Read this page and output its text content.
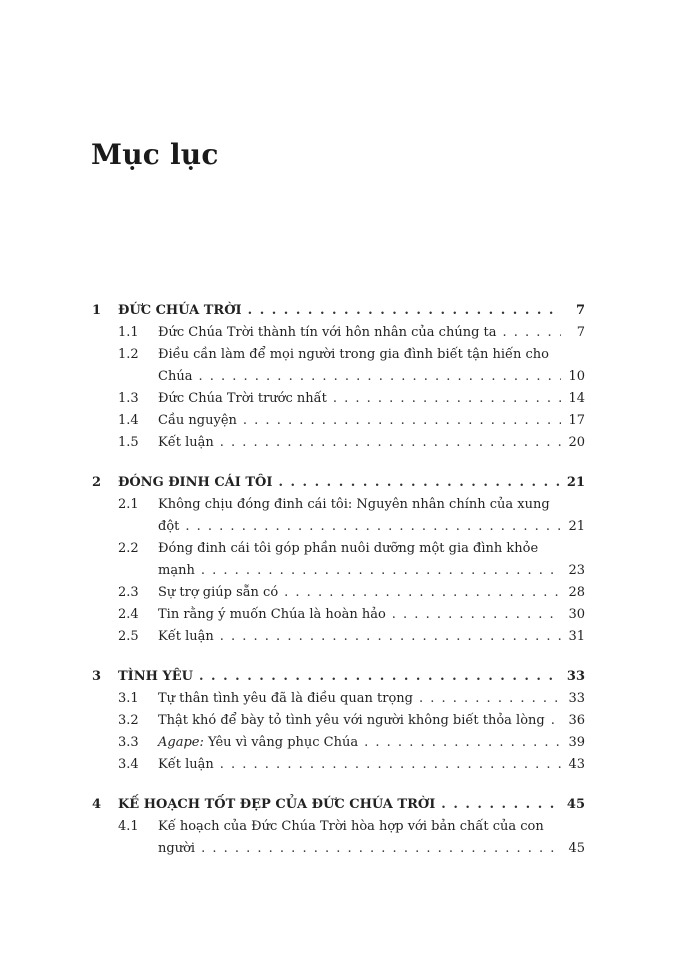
Mục lục
1 ĐỨC CHÚA TRỜI . . .	7
1.1 Đức Chúa Trời thành tín với hôn nhân của chúng ta . . .	7
1.2 Điều cần làm để mọi người trong gia đình biết tận hiến cho
Chúa . . .	10
1.3 Đức Chúa Trời trước nhất . . .	14
1.4 Cầu nguyện . . .	17
1.5 Kết luận . . .	20
2 ĐÓNG ĐINH CÁI TÔI . . .	21
2.1 Không chịu đóng đinh cái tôi: Nguyên nhân chính của xung
đột . . .	21
2.2 Đóng đinh cái tôi góp phần nuôi dưỡng một gia đình khỏe
mạnh . . .	23
2.3 Sự trợ giúp sẵn có . . .	28
2.4 Tin rằng ý muốn Chúa là hoàn hảo . . .	30
2.5 Kết luận . . .	31
3 TÌNH YÊU . . .	33
3.1 Tự thân tình yêu đã là điều quan trọng . . .	33
3.2 Thật khó để bày tỏ tình yêu với người không biết thỏa lòng . . .	36
3.3 Agape: Yêu vì vâng phục Chúa . . .	39
3.4 Kết luận . . .	43
4 KẾ HOẠCH TỐT ĐẸP CỦA ĐỨC CHÚA TRỜI . . .	45
4.1 Kế hoạch của Đức Chúa Trời hòa hợp với bản chất của con
người . . .	45
